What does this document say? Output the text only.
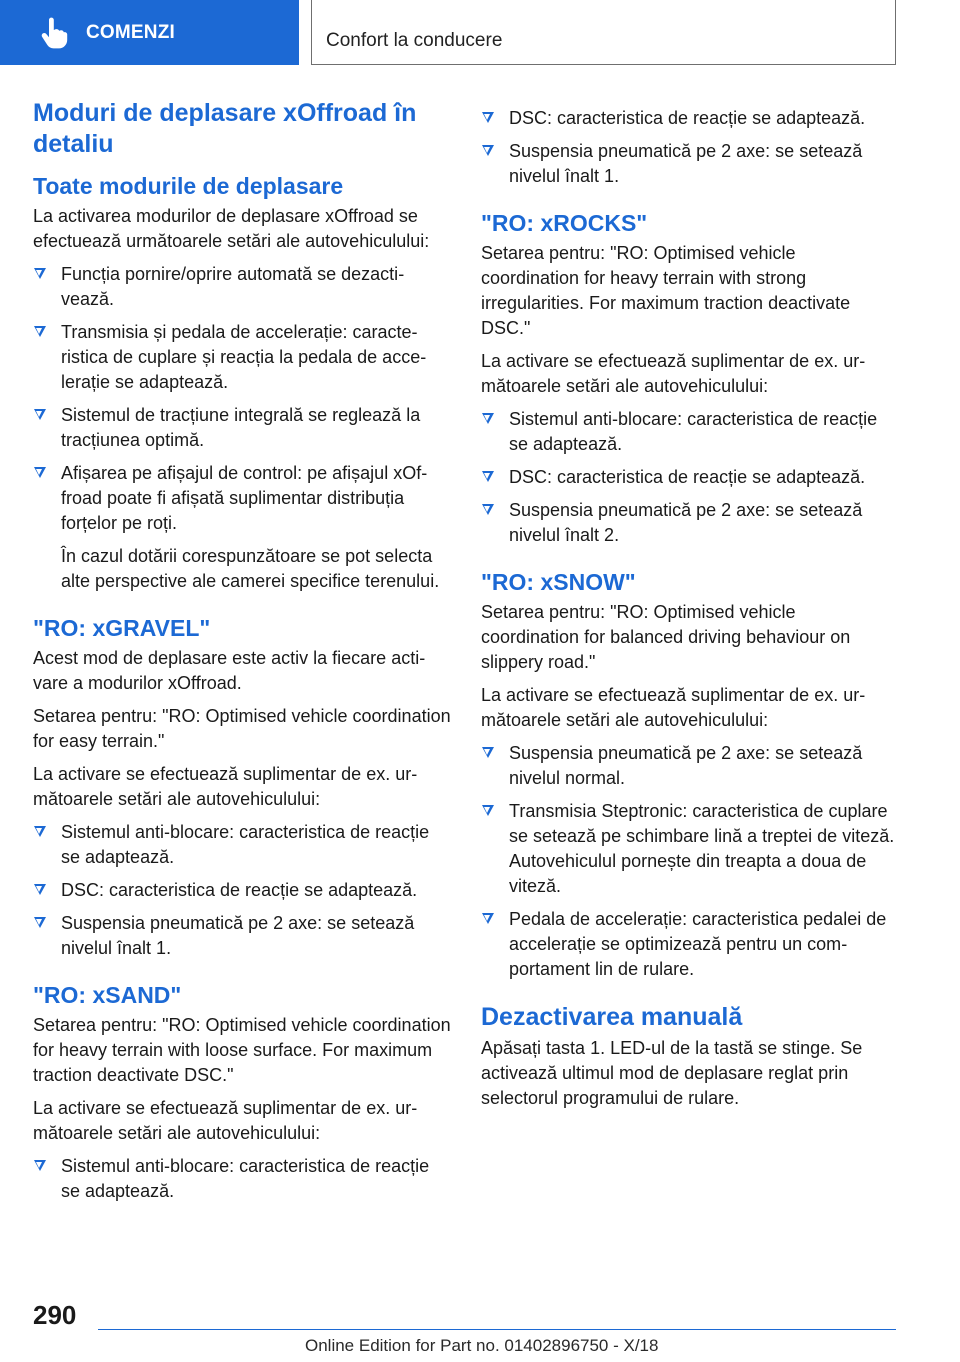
COMENZI	Confort la conducere
Moduri de deplasare xOffroad în detaliu
Toate modurile de deplasare

La activarea modurilor de deplasare xOffroad se efectuează următoarele setări ale autovehiculului:

Funcția pornire/oprire automată se dezactivează.
Transmisia și pedala de accelerație: caracteristica de cuplare și reacția la pedala de accelerație se adaptează.
Sistemul de tracțiune integrală se reglează la tracțiunea optimă.
Afișarea pe afișajul de control: pe afișajul xOffroad poate fi afișată suplimentar distribuția forțelor pe roți.
În cazul dotării corespunzătoare se pot selecta alte perspective ale camerei specifice terenului.
"RO: xGRAVEL"

Acest mod de deplasare este activ la fiecare activare a modurilor xOffroad.

Setarea pentru: "RO: Optimised vehicle coordination for easy terrain."

La activare se efectuează suplimentar de ex. următoarele setări ale autovehiculului:

Sistemul anti-blocare: caracteristica de reacție se adaptează.
DSC: caracteristica de reacție se adaptează.
Suspensia pneumatică pe 2 axe: se setează nivelul înalt 1.
"RO: xSAND"

Setarea pentru: "RO: Optimised vehicle coordination for heavy terrain with loose surface. For maximum traction deactivate DSC."

La activare se efectuează suplimentar de ex. următoarele setări ale autovehiculului:

Sistemul anti-blocare: caracteristica de reacție se adaptează.
DSC: caracteristica de reacție se adaptează.
Suspensia pneumatică pe 2 axe: se setează nivelul înalt 1.
"RO: xROCKS"

Setarea pentru: "RO: Optimised vehicle coordination for heavy terrain with strong irregularities. For maximum traction deactivate DSC."

La activare se efectuează suplimentar de ex. următoarele setări ale autovehiculului:

Sistemul anti-blocare: caracteristica de reacție se adaptează.
DSC: caracteristica de reacție se adaptează.
Suspensia pneumatică pe 2 axe: se setează nivelul înalt 2.
"RO: xSNOW"

Setarea pentru: "RO: Optimised vehicle coordination for balanced driving behaviour on slippery road."

La activare se efectuează suplimentar de ex. următoarele setări ale autovehiculului:

Suspensia pneumatică pe 2 axe: se setează nivelul normal.
Transmisia Steptronic: caracteristica de cuplare se setează pe schimbare lină a treptei de viteză. Autovehiculul pornește din treapta a doua de viteză.
Pedala de accelerație: caracteristica pedalei de accelerație se optimizează pentru un comportament lin de rulare.
Dezactivarea manuală

Apăsați tasta 1. LED-ul de la tastă se stinge. Se activează ultimul mod de deplasare reglat prin selectorul programului de rulare.

290
Online Edition for Part no. 01402896750 - X/18
